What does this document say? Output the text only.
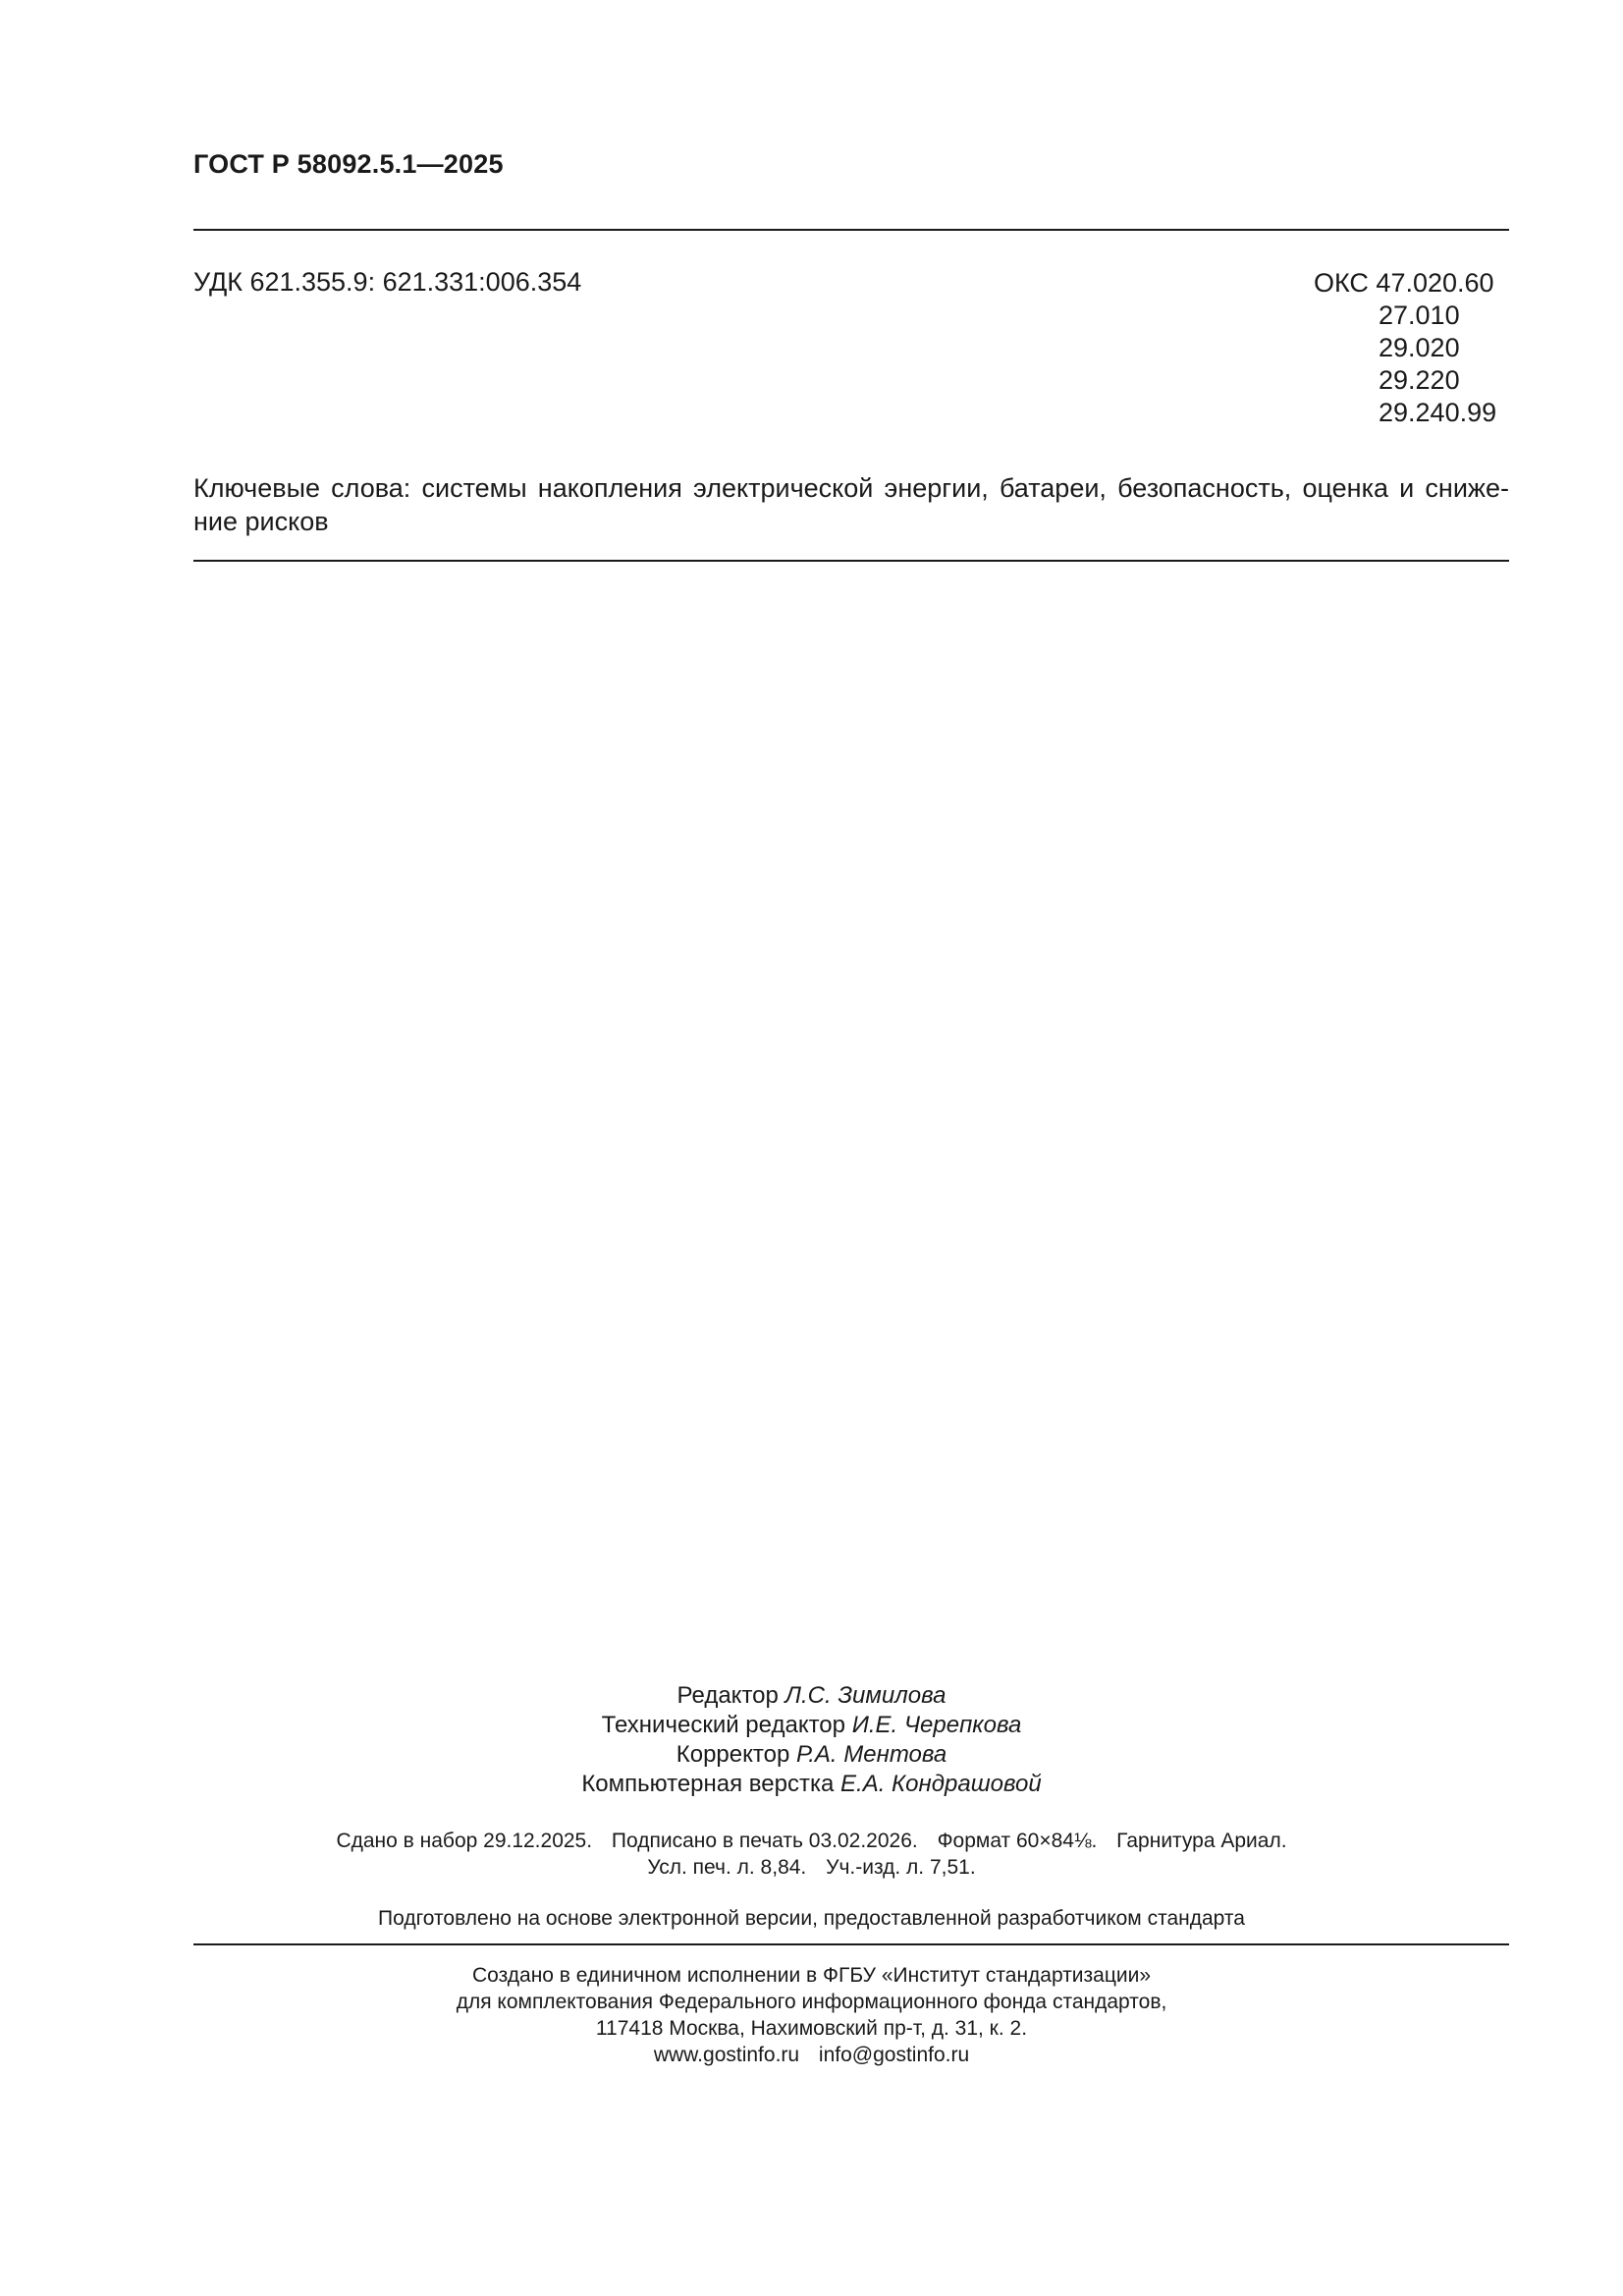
ГОСТ Р 58092.5.1—2025
УДК 621.355.9: 621.331:006.354	ОКС 47.020.60
27.010
29.020
29.220
29.240.99
Ключевые слова: системы накопления электрической энергии, батареи, безопасность, оценка и сниже-
ние рисков
Редактор Л.С. Зимилова
Технический редактор И.Е. Черепкова
Корректор Р.А. Ментова
Компьютерная верстка Е.А. Кондрашовой
Сдано в набор 29.12.2025. Подписано в печать 03.02.2026. Формат 60×84⅛. Гарнитура Ариал.
Усл. печ. л. 8,84. Уч.-изд. л. 7,51.
Подготовлено на основе электронной версии, предоставленной разработчиком стандарта
Создано в единичном исполнении в ФГБУ «Институт стандартизации»
для комплектования Федерального информационного фонда стандартов,
117418 Москва, Нахимовский пр-т, д. 31, к. 2.
www.gostinfo.ru info@gostinfo.ru
